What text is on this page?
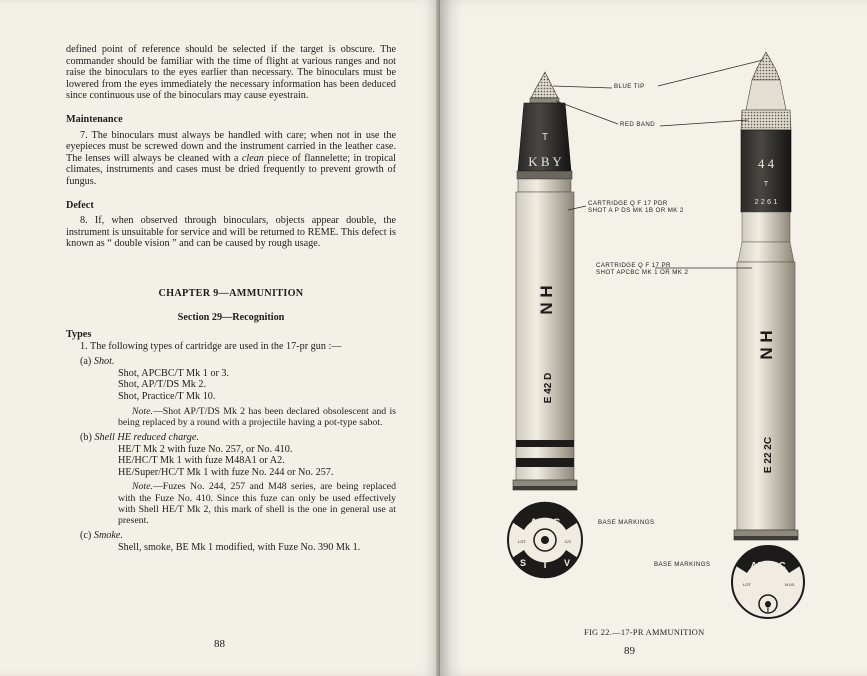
defined point of reference should be selected if the target is obscure. The commander should be familiar with the time of flight at various ranges and not raise the binoculars to the eyes earlier than necessary. The binoculars must be lowered from the eyes immediately the necessary information has been deduced since continuous use of the binoculars may cause eyestrain.

Maintenance

7. The binoculars must always be handled with care; when not in use the eyepieces must be screwed down and the instrument carried in the leather case. The lenses will always be cleaned with a clean piece of flannelette; in tropical climates, instruments and cases must be dried frequently to prevent growth of fungus.

Defect

8. If, when observed through binoculars, objects appear double, the instrument is unsuitable for service and will be returned to REME. This defect is known as “ double vision ” and can be caused by rough usage.

CHAPTER 9—AMMUNITION

Section 29—Recognition

Types

1. The following types of cartridge are used in the 17-pr gun :—

(a) Shot.

Shot, APCBC/T Mk 1 or 3.

Shot, AP/T/DS Mk 2.

Shot, Practice/T Mk 10.

Note.—Shot AP/T/DS Mk 2 has been declared obsolescent and is being replaced by a round with a projectile having a pot-type sabot.

(b) Shell HE reduced charge.

HE/T Mk 2 with fuze No. 257, or No. 410.

HE/HC/T Mk 1 with fuze M48A1 or A2.

HE/Super/HC/T Mk 1 with fuze No. 244 or No. 257.

Note.—Fuzes No. 244, 257 and M48 series, are being replaced with the Fuze No. 410. Since this fuze can only be used effectively with Shell HE/T Mk 2, this mark of shell is the one in general use at present.

(c) Smoke.

Shell, smoke, BE Mk 1 modified, with Fuze No. 390 Mk 1.

88
T
K B Y
N H
E 42 D
4 4
T
2 2 6 1
N H
E 22 2C
APDS
T
S	V
LOT	C/C
APCBC
T
LOT	N.I.B.
BLUE TIP
RED BAND
CARTRIDGE Q F 17 PDR
SHOT A P DS MK 1B OR MK 2
CARTRIDGE Q F 17 PR
SHOT APCBC MK 1 OR MK 2
BASE MARKINGS
BASE MARKINGS
FIG 22.—17-PR AMMUNITION
89
